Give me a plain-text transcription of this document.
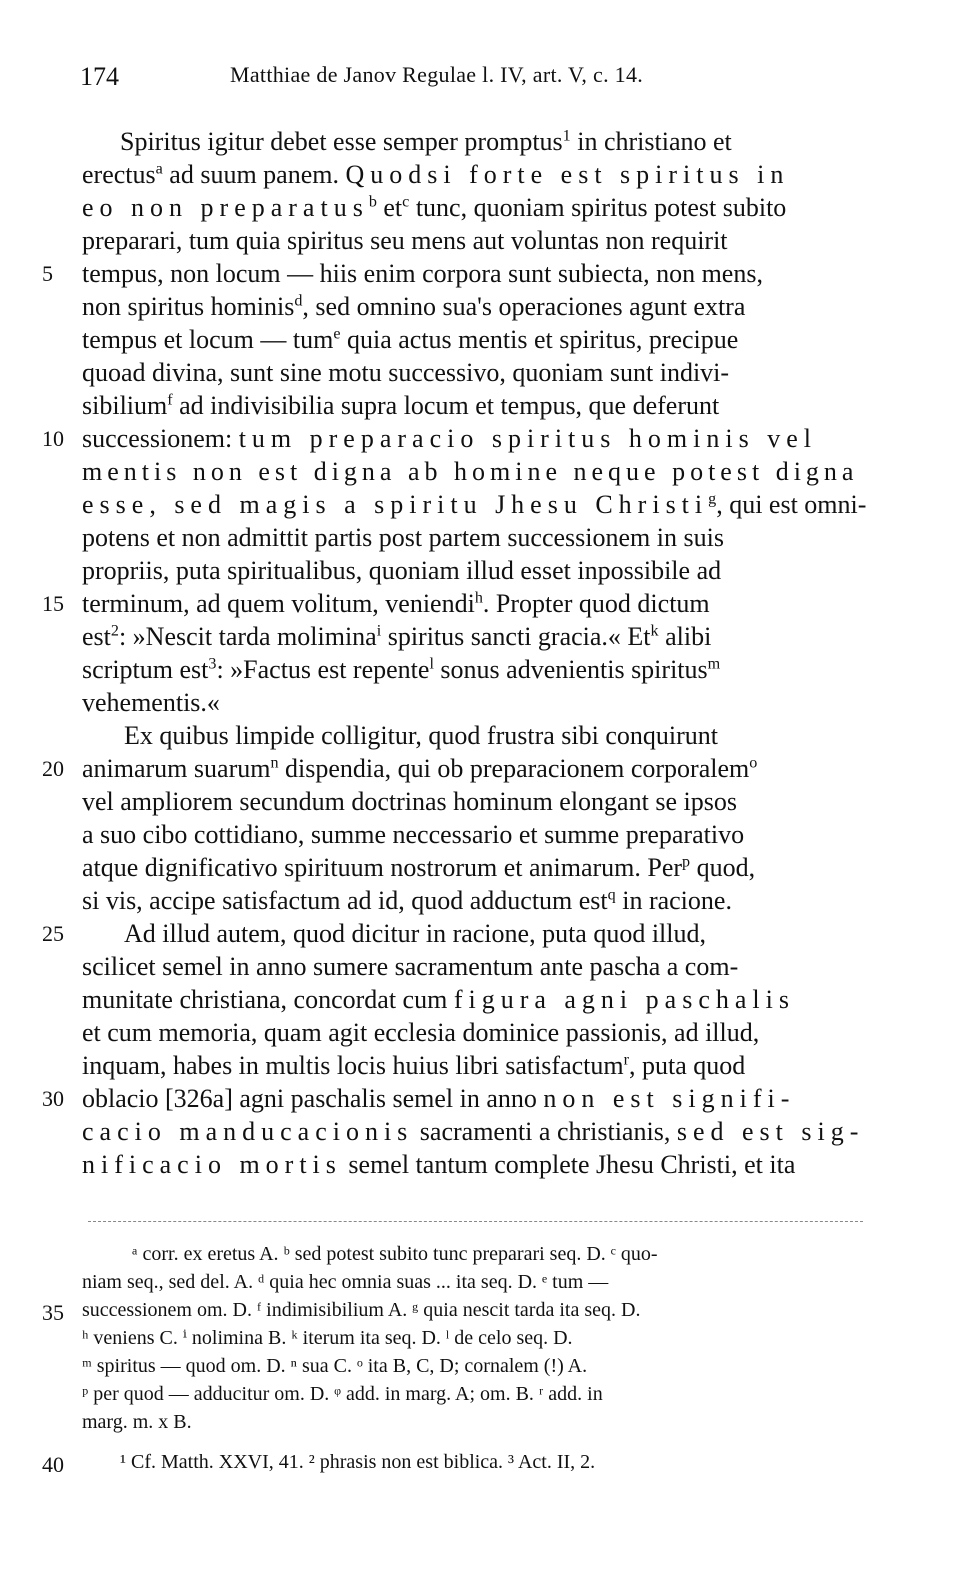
174	Matthiae de Janov Regulae l. IV, art. V, c. 14.
Spiritus igitur debet esse semper promptus$^1$ in christiano et
erectus$^a$ ad suum panem. Quodsi forte est spiritus in
eo non preparatus$^b$ $et^c$ tunc, quoniam spiritus potest subito
preparari, tum quia spiritus seu mens aut voluntas non requirit
5	tempus, non locum — hiis enim corpora sunt subiecta, non mens,
non spiritus hominis$^d$, sed omnino sua's operaciones agunt extra
tempus et locum — tum$^e$ quia actus mentis et spiritus, precipue
quoad divina, sunt sine motu successivo, quoniam sunt indivi-
sibilium$^f$ ad indivisibilia supra locum et tempus, que deferunt
10 successionem: tum preparacio spiritus hominis vel
mentis non est digna ab homine neque potest digna
esse, sed magis a spiritu Jhesu Christi$^g$, qui est omni-
potens et non admittit partis post partem successionem in suis
propriis, puta spiritualibus, quoniam illud esset inpossibile ad
15 terminum, ad quem volitum, veniendi$^h$. Propter quod dictum
est$^2$: »Nescit tarda molimina$^i$ spiritus sancti gracia.« Et$^k$ alibi
scriptum est$^3$: »Factus est repente$^l$ sonus advenientis spiritus$^m$
vehementis.«
Ex quibus limpide colligitur, quod frustra sibi conquirunt
20 animarum suarum$^n$ dispendia, qui ob preparacionem corporalem$^o$
vel ampliorem secundum doctrinas hominum elongant se ipsos
a suo cibo cottidiano, summe neccessario et summe preparativo
atque dignificativo spirituum nostrorum et animarum. Per$^p$ quod,
si vis, accipe satisfactum ad id, quod adductum est$^q$ in racione.
25	Ad illud autem, quod dicitur in racione, puta quod illud,
scilicet semel in anno sumere sacramentum ante pascha a com-
munitate christiana, concordat cum figura agni paschalis
et cum memoria, quam agit ecclesia dominice passionis, ad illud,
inquam, habes in multis locis huius libri satisfactum$^r$, puta quod
30 oblacio [326a] agni paschalis semel in anno non est signifi-
cacio manducacionis sacramenti a christianis, sed est sig-
nificacio mortis semel tantum complete Jhesu Christi, et ita
ᵃ corr. ex eretus A. ᵇ sed potest subito tunc preparari seq. D. ᶜ quo-
niam seq., sed del. A. ᵈ quia hec omnia suas ... ita seq. D. ᵉ tum —
35 successionem om. D. ᶠ indimisibilium A. ᵍ quia nescit tarda ita seq. D.
ʰ veniens C. ⁱ nolimina B. ᵏ iterum ita seq. D. ˡ de celo seq. D.
ᵐ spiritus — quod om. D. ⁿ sua C. ᵒ ita B, C, D; cornalem (!) A.
ᵖ per quod — adducitur om. D. ᵠ add. in marg. A; om. B. ʳ add. in
marg. m. x B.
40	¹ Cf. Matth. XXVI, 41. ² phrasis non est biblica. ³ Act. II, 2.
